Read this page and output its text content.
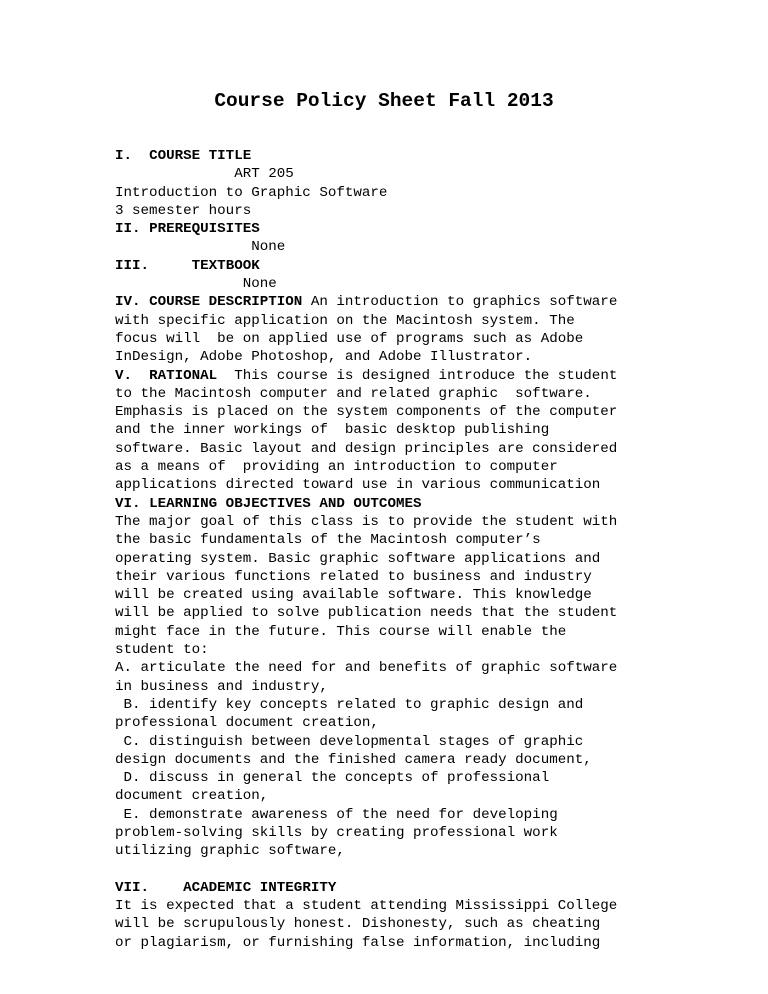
Course Policy Sheet Fall 2013
I. COURSE TITLE
ART 205
Introduction to Graphic Software
3 semester hours
II. PREREQUISITES
None
III.	TEXTBOOK
None
IV. COURSE DESCRIPTION An introduction to graphics software
with specific application on the Macintosh system. The
focus will  be on applied use of programs such as Adobe
InDesign, Adobe Photoshop, and Adobe Illustrator.
V. RATIONAL This course is designed introduce the student
to the Macintosh computer and related graphic  software.
Emphasis is placed on the system components of the computer
and the inner workings of  basic desktop publishing
software. Basic layout and design principles are considered
as a means of  providing an introduction to computer
applications directed toward use in various communication
VI. LEARNING OBJECTIVES AND OUTCOMES
The major goal of this class is to provide the student with
the basic fundamentals of the Macintosh computer’s
operating system. Basic graphic software applications and
their various functions related to business and industry
will be created using available software. This knowledge
will be applied to solve publication needs that the student
might face in the future. This course will enable the
student to:
A. articulate the need for and benefits of graphic software
in business and industry,
B. identify key concepts related to graphic design and
professional document creation,
C. distinguish between developmental stages of graphic
design documents and the finished camera ready document,
D. discuss in general the concepts of professional
document creation,
E. demonstrate awareness of the need for developing
problem-solving skills by creating professional work
utilizing graphic software,
VII. ACADEMIC INTEGRITY
It is expected that a student attending Mississippi College
will be scrupulously honest. Dishonesty, such as cheating
or plagiarism, or furnishing false information, including
